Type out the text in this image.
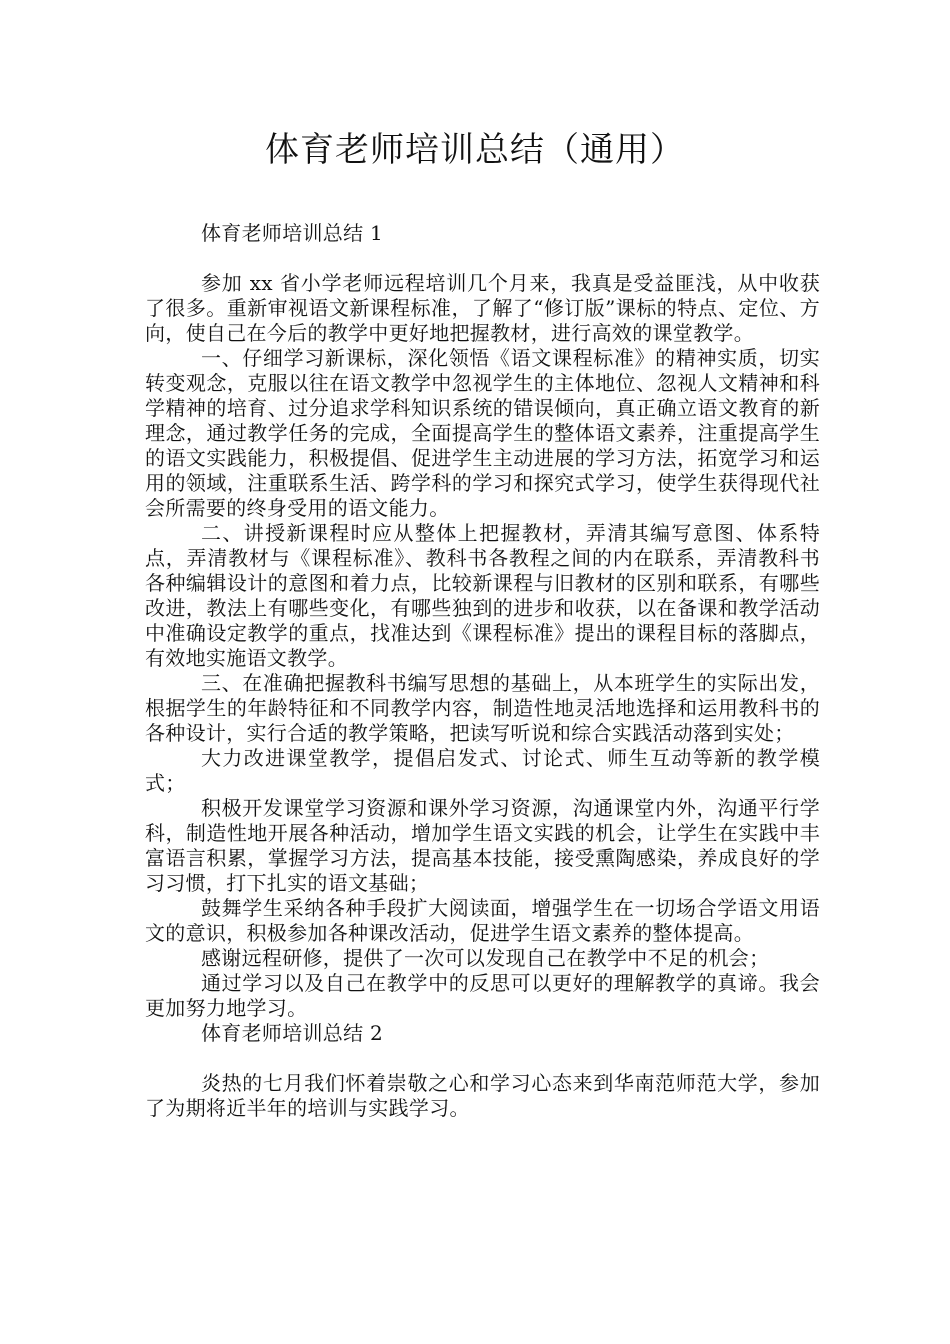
体育老师培训总结（通用）
体育老师培训总结 1

参加 xx 省小学老师远程培训几个月来，我真是受益匪浅，从中收获了很多。重新审视语文新课程标准，了解了“修订版”课标的特点、定位、方向，使自己在今后的教学中更好地把握教材，进行高效的课堂教学。

一、仔细学习新课标，深化领悟《语文课程标准》的精神实质，切实转变观念，克服以往在语文教学中忽视学生的主体地位、忽视人文精神和科学精神的培育、过分追求学科知识系统的错误倾向，真正确立语文教育的新理念，通过教学任务的完成，全面提高学生的整体语文素养，注重提高学生的语文实践能力，积极提倡、促进学生主动进展的学习方法，拓宽学习和运用的领域，注重联系生活、跨学科的学习和探究式学习，使学生获得现代社会所需要的终身受用的语文能力。

二、讲授新课程时应从整体上把握教材，弄清其编写意图、体系特点，弄清教材与《课程标准》、教科书各教程之间的内在联系，弄清教科书各种编辑设计的意图和着力点，比较新课程与旧教材的区别和联系，有哪些改进，教法上有哪些变化，有哪些独到的进步和收获，以在备课和教学活动中准确设定教学的重点，找准达到《课程标准》提出的课程目标的落脚点，有效地实施语文教学。

三、在准确把握教科书编写思想的基础上，从本班学生的实际出发，根据学生的年龄特征和不同教学内容，制造性地灵活地选择和运用教科书的各种设计，实行合适的教学策略，把读写听说和综合实践活动落到实处；

大力改进课堂教学，提倡启发式、讨论式、师生互动等新的教学模式；

积极开发课堂学习资源和课外学习资源，沟通课堂内外，沟通平行学科，制造性地开展各种活动，增加学生语文实践的机会，让学生在实践中丰富语言积累，掌握学习方法，提高基本技能，接受熏陶感染，养成良好的学习习惯，打下扎实的语文基础；

鼓舞学生采纳各种手段扩大阅读面，增强学生在一切场合学语文用语文的意识，积极参加各种课改活动，促进学生语文素养的整体提高。

感谢远程研修，提供了一次可以发现自己在教学中不足的机会；

通过学习以及自己在教学中的反思可以更好的理解教学的真谛。我会更加努力地学习。

体育老师培训总结 2

炎热的七月我们怀着崇敬之心和学习心态来到华南范师范大学，参加了为期将近半年的培训与实践学习。
